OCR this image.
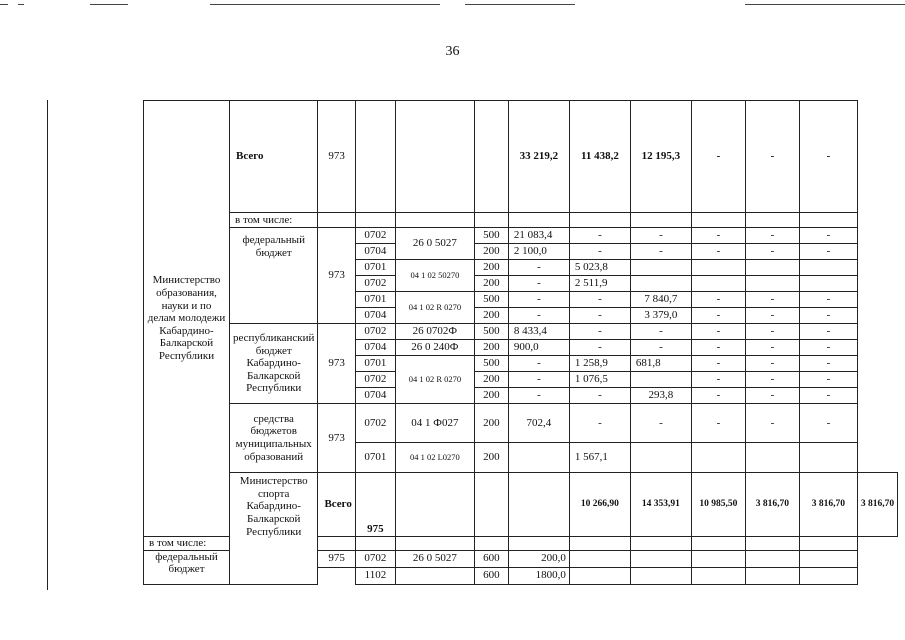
36
Министерство образования, науки и по делам молодежи Кабардино-Балкарской Республики	Всего	973				33 219,2	11 438,2	12 195,3	-	-	-	
	в том числе:											
	федеральный бюджет	973	0702	26 0 5027	500	21 083,4	-	-	-	-	-	
			0704		200	2 100,0	-	-	-	-	-	
			0701	04 1 02 50270	200	-	5 023,8					
			0702		200	-	2 511,9					
			0701	04 1 02 R 0270	500	-	-	7 840,7	-	-	-	
			0704		200	-	-	3 379,0	-	-	-	
	республиканский бюджет Кабардино-Балкарской Республики	973	0702	26 0702Ф	500	8 433,4	-	-	-	-	-	
			0704	26 0 240Ф	200	900,0	-	-	-	-	-	
			0701	04 1 02 R 0270	500	-	1 258,9	681,8	-	-	-	
			0702		200	-	1 076,5		-	-	-	
			0704		200	-	-	293,8	-	-	-	
	средства бюджетов муниципальных образований	973	0702	04 1 Ф027	200	702,4	-	-	-	-	-	
			0701	04 1 02 L0270	200		1 567,1					
	Министерство спорта Кабардино-Балкарской Республики	Всего	975				10 266,90	14 353,91	10 985,50	3 816,70	3 816,70	3 816,70
в том числе:												
федеральный бюджет		975	0702	26 0 5027	600	200,0						
			1102		600	1800,0						
